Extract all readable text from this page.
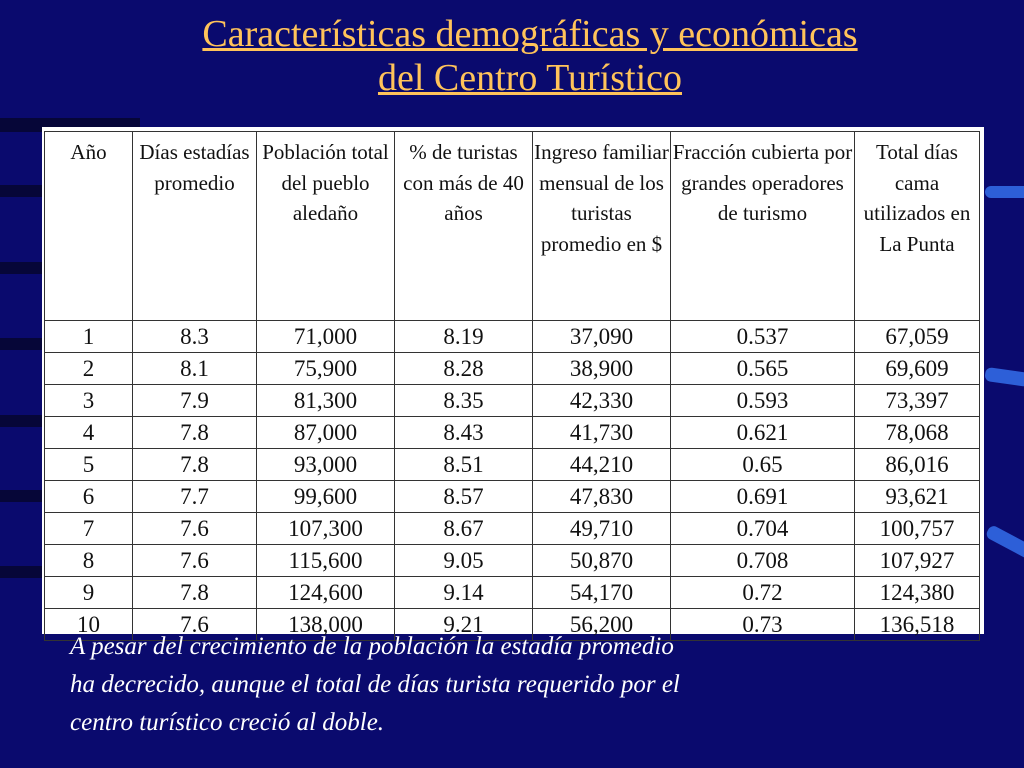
Características demográficas y económicas
del Centro Turístico
Año	Días estadías promedio	Población total del pueblo aledaño	% de turistas con más de 40 años	Ingreso familiar mensual de los turistas promedio en $	Fracción cubierta por grandes operadores de turismo	Total días cama utilizados en La Punta
1	8.3	71,000	8.19	37,090	0.537	67,059
2	8.1	75,900	8.28	38,900	0.565	69,609
3	7.9	81,300	8.35	42,330	0.593	73,397
4	7.8	87,000	8.43	41,730	0.621	78,068
5	7.8	93,000	8.51	44,210	0.65	86,016
6	7.7	99,600	8.57	47,830	0.691	93,621
7	7.6	107,300	8.67	49,710	0.704	100,757
8	7.6	115,600	9.05	50,870	0.708	107,927
9	7.8	124,600	9.14	54,170	0.72	124,380
10	7.6	138,000	9.21	56,200	0.73	136,518
A pesar del crecimiento de la población la estadía promedio
ha decrecido, aunque el total de días turista requerido por el
centro turístico creció al doble.
